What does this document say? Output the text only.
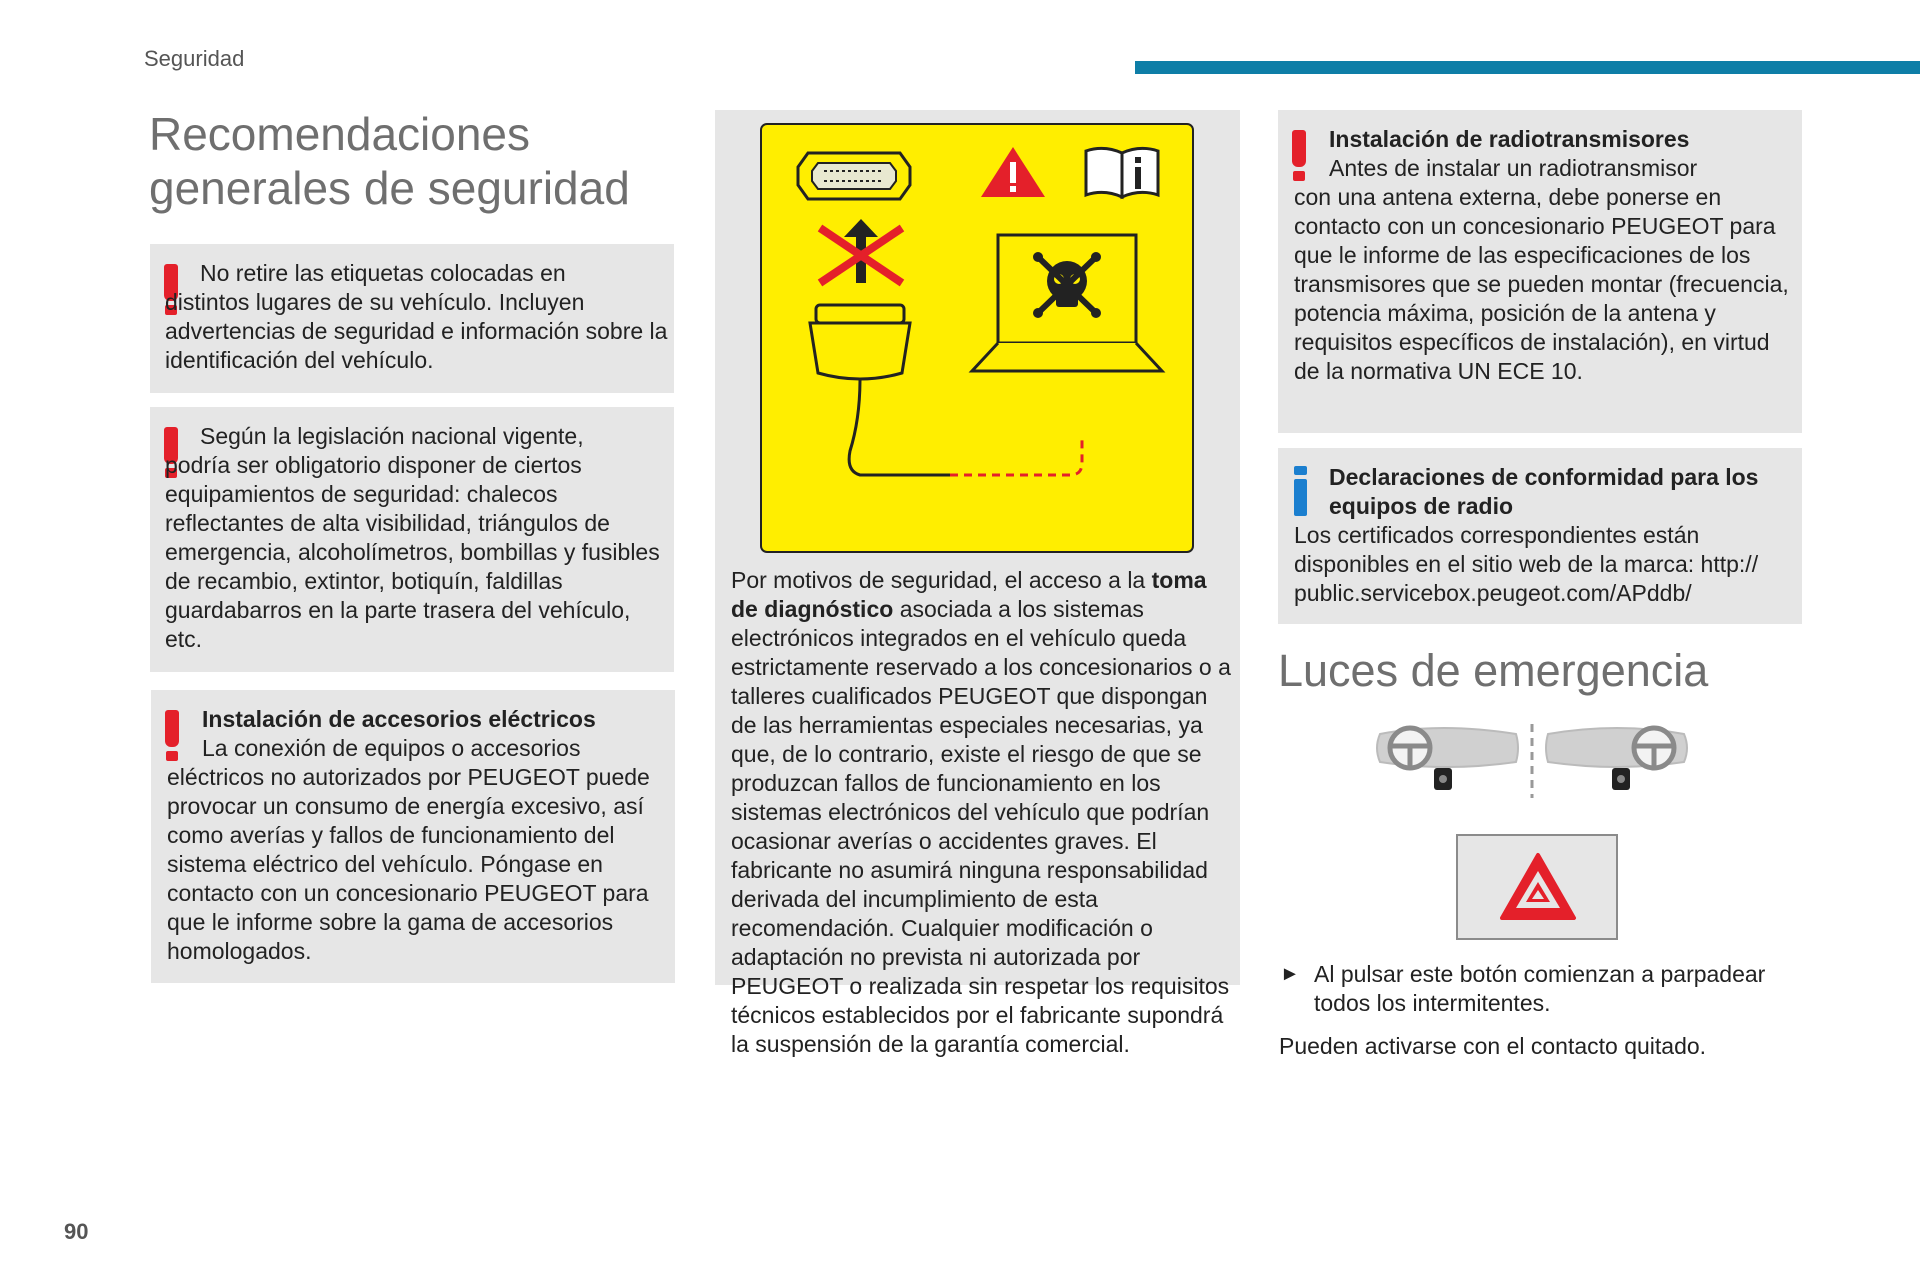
Seguridad
Recomendaciones generales de seguridad

No retire las etiquetas colocadas en
distintos lugares de su vehículo. Incluyen advertencias de seguridad e información sobre la identificación del vehículo.

Según la legislación nacional vigente,
podría ser obligatorio disponer de ciertos equipamientos de seguridad: chalecos reflectantes de alta visibilidad, triángulos de emergencia, alcoholímetros, bombillas y fusibles de recambio, extintor, botiquín, faldillas guardabarros en la parte trasera del vehículo, etc.

Instalación de accesorios eléctricos
La conexión de equipos o accesorios
eléctricos no autorizados por PEUGEOT puede provocar un consumo de energía excesivo, así como averías y fallos de funcionamiento del sistema eléctrico del vehículo. Póngase en contacto con un concesionario PEUGEOT para que le informe sobre la gama de accesorios homologados.

Por motivos de seguridad, el acceso a la toma de diagnóstico asociada a los sistemas electrónicos integrados en el vehículo queda estrictamente reservado a los concesionarios o a talleres cualificados PEUGEOT que dispongan de las herramientas especiales necesarias, ya que, de lo contrario, existe el riesgo de que se produzcan fallos de funcionamiento en los sistemas electrónicos del vehículo que podrían ocasionar averías o accidentes graves. El fabricante no asumirá ninguna responsabilidad derivada del incumplimiento de esta recomendación. Cualquier modificación o adaptación no prevista ni autorizada por PEUGEOT o realizada sin respetar los requisitos técnicos establecidos por el fabricante supondrá la suspensión de la garantía comercial.

Instalación de radiotransmisores
Antes de instalar un radiotransmisor
con una antena externa, debe ponerse en contacto con un concesionario PEUGEOT para que le informe de las especificaciones de los transmisores que se pueden montar (frecuencia, potencia máxima, posición de la antena y requisitos específicos de instalación), en virtud de la normativa UN ECE 10.

Declaraciones de conformidad para los
equipos de radio
Los certificados correspondientes están disponibles en el sitio web de la marca: http:// public.servicebox.peugeot.com/APddb/

Luces de emergencia
► Al pulsar este botón comienzan a parpadear todos los intermitentes.
Pueden activarse con el contacto quitado.
90
